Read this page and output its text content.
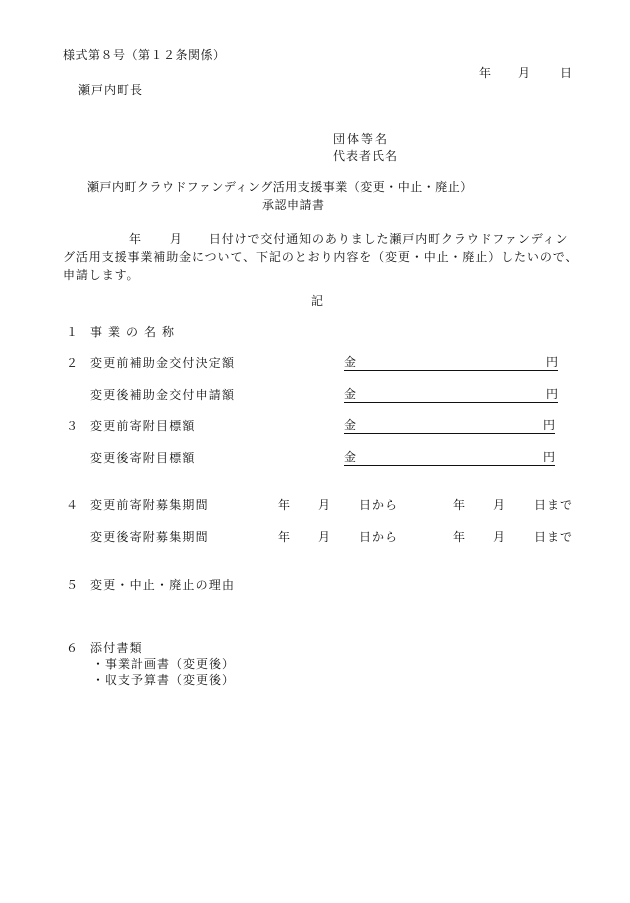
様式第８号（第１２条関係）
年 月 日
瀬戸内町長
団体等名
代表者氏名
瀬戸内町クラウドファンディング活用支援事業（変更・中止・廃止）
承認申請書
年 月 日付けで交付通知のありました瀬戸内町クラウドファンディング活用支援事業補助金について、下記のとおり内容を（変更・中止・廃止）したいので、申請します。
記
１ 事業の名称
２ 変更前補助金交付決定額	金	円
変更後補助金交付申請額	金	円
３ 変更前寄附目標額	金	円
変更後寄附目標額	金	円
４ 変更前寄附募集期間	年 月 日から	年 月 日まで
変更後寄附募集期間	年 月 日から	年 月 日まで
５ 変更・中止・廃止の理由
６ 添付書類
・事業計画書（変更後）
・収支予算書（変更後）
